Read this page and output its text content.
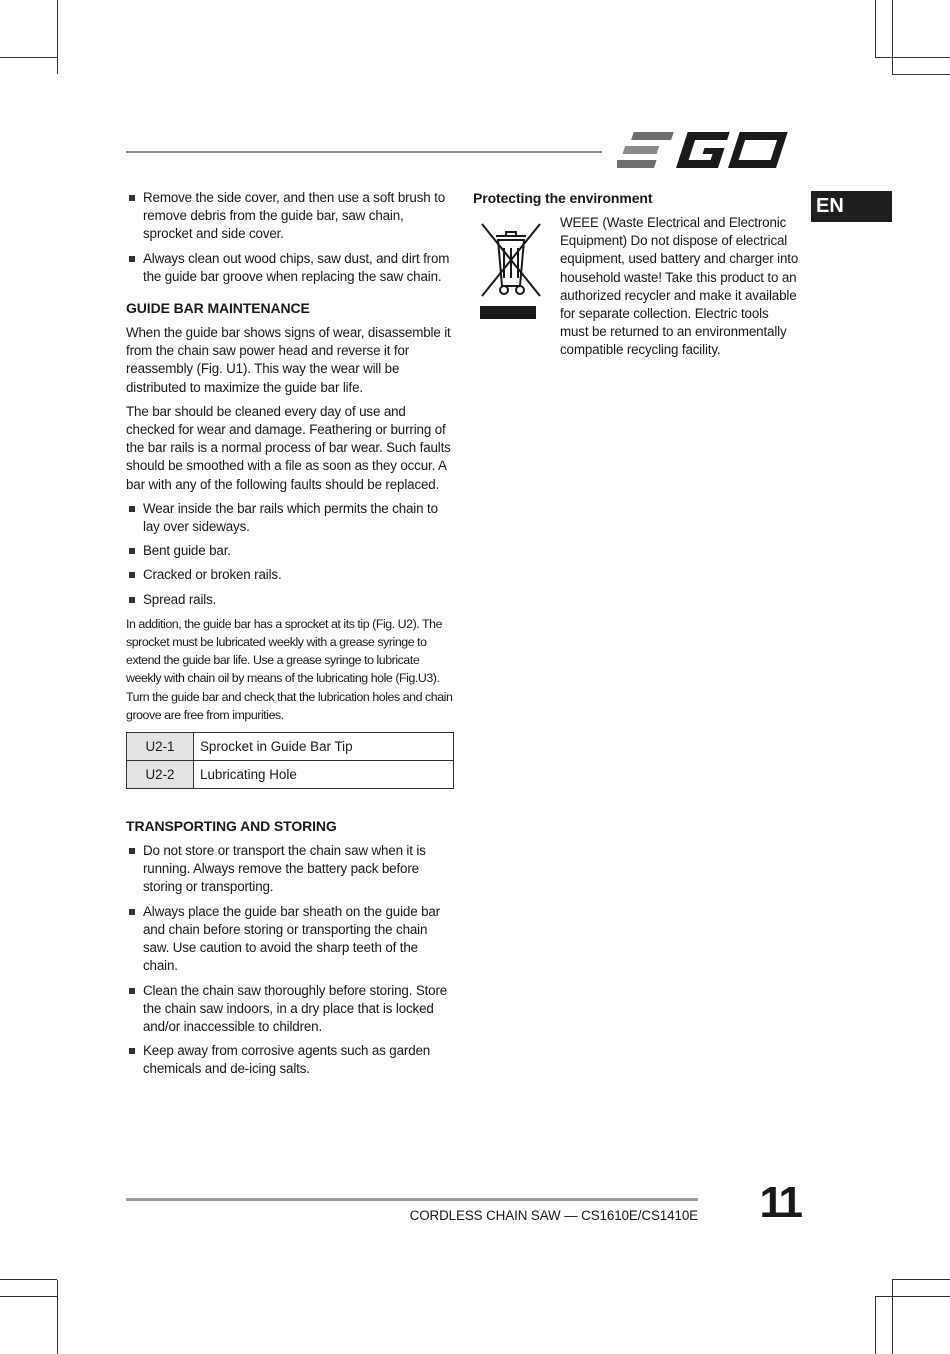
EN
Remove the side cover, and then use a soft brush to remove debris from the guide bar, saw chain, sprocket and side cover.
Always clean out wood chips, saw dust, and dirt from the guide bar groove when replacing the saw chain.
GUIDE BAR MAINTENANCE

When the guide bar shows signs of wear, disassemble it from the chain saw power head and reverse it for reassembly (Fig. U1). This way the wear will be distributed to maximize the guide bar life.

The bar should be cleaned every day of use and checked for wear and damage. Feathering or burring of the bar rails is a normal process of bar wear. Such faults should be smoothed with a file as soon as they occur. A bar with any of the following faults should be replaced.

Wear inside the bar rails which permits the chain to lay over sideways.
Bent guide bar.
Cracked or broken rails.
Spread rails.

In addition, the guide bar has a sprocket at its tip (Fig. U2). The sprocket must be lubricated weekly with a grease syringe to extend the guide bar life. Use a grease syringe to lubricate weekly with chain oil by means of the lubricating hole (Fig.U3). Turn the guide bar and check that the lubrication holes and chain groove are free from impurities.

U2-1	Sprocket in Guide Bar Tip
U2-2	Lubricating Hole
TRANSPORTING AND STORING
Do not store or transport the chain saw when it is running. Always remove the battery pack before storing or transporting.
Always place the guide bar sheath on the guide bar and chain before storing or transporting the chain saw. Use caution to avoid the sharp teeth of the chain.
Clean the chain saw thoroughly before storing. Store the chain saw indoors, in a dry place that is locked and/or inaccessible to children.
Keep away from corrosive agents such as garden chemicals and de-icing salts.
Protecting the environment
WEEE (Waste Electrical and Electronic Equipment) Do not dispose of electrical equipment, used battery and charger into household waste! Take this product to an authorized recycler and make it available for separate collection. Electric tools must be returned to an environmentally compatible recycling facility.
CORDLESS CHAIN SAW — CS1610E/CS1410E 11
